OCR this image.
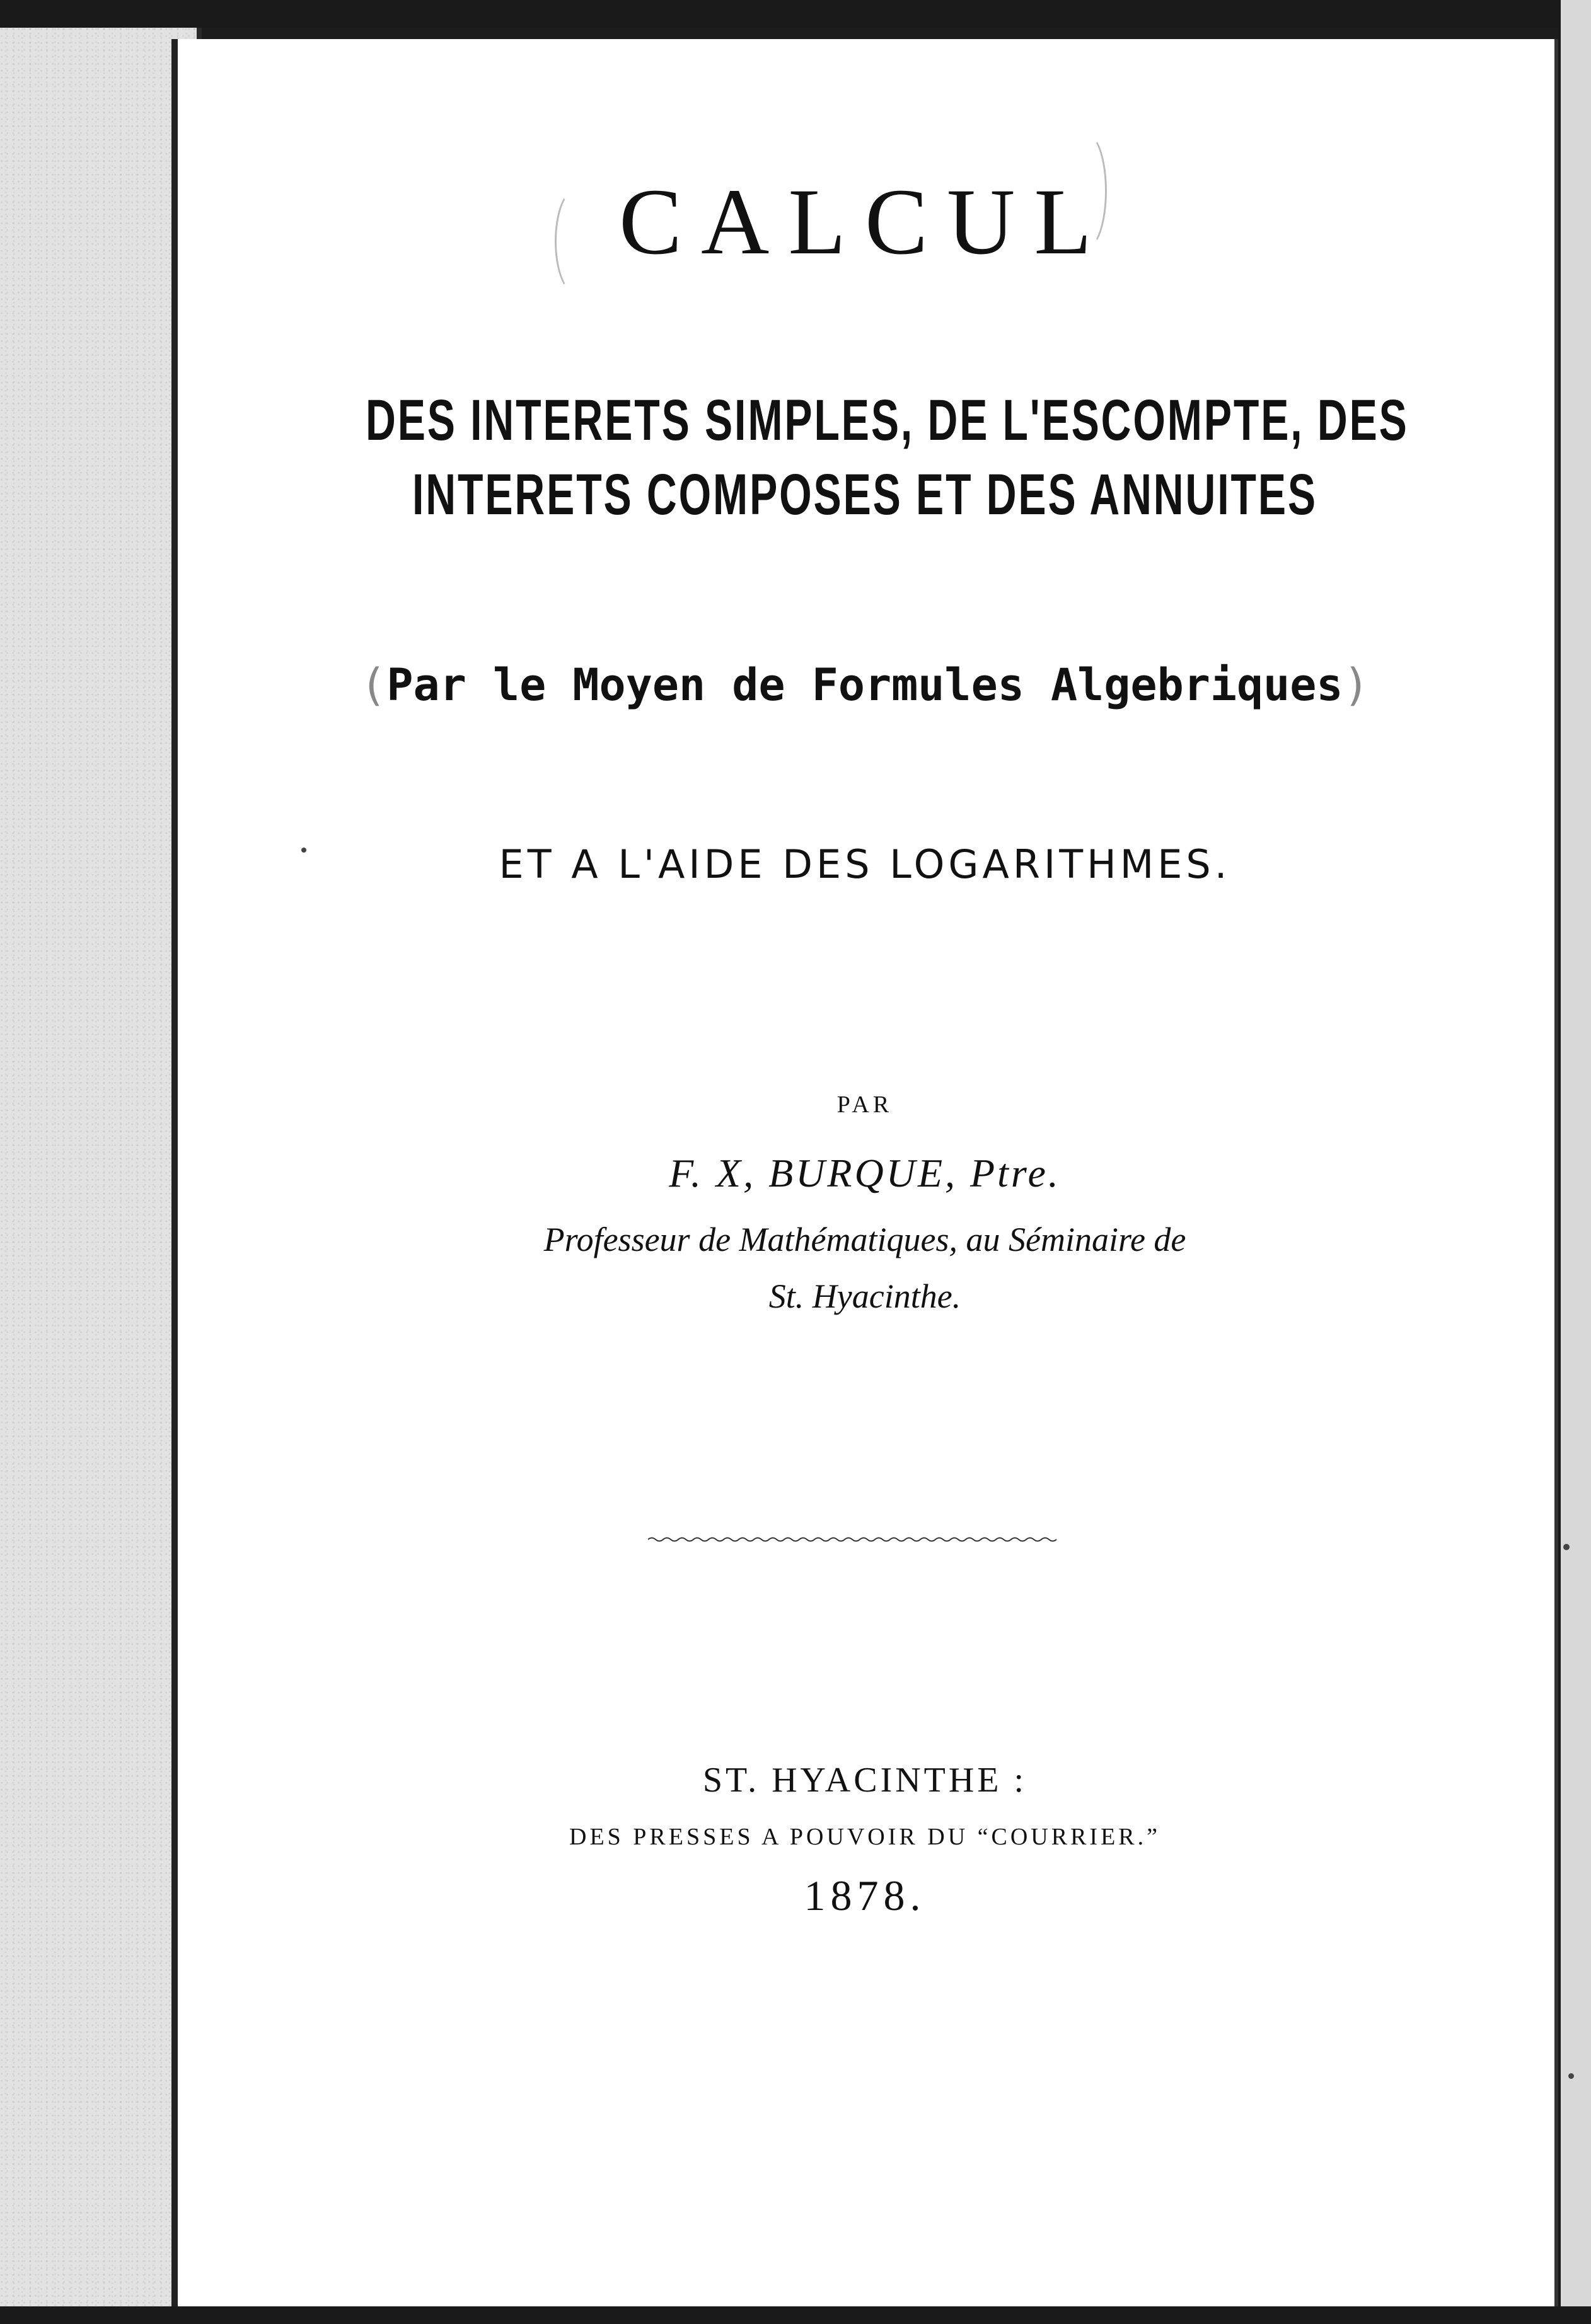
CALCUL
DES INTERETS SIMPLES, DE L'ESCOMPTE, DES
INTERETS COMPOSES ET DES ANNUITES
(Par le Moyen de Formules Algebriques)
ET A L'AIDE DES LOGARITHMES.
PAR
F. X, BURQUE, Ptre.
Professeur de Mathématiques, au Séminaire de
St. Hyacinthe.
ST. HYACINTHE :
DES PRESSES A POUVOIR DU “COURRIER.”
1878.
